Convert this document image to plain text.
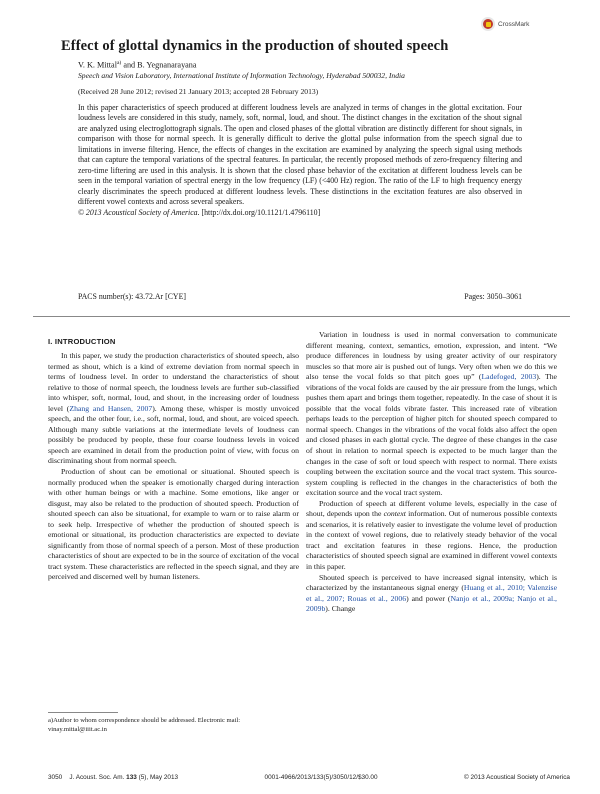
CrossMark
Effect of glottal dynamics in the production of shouted speech
V. K. Mittal$^{a)}$ and B. Yegnanarayana
Speech and Vision Laboratory, International Institute of Information Technology, Hyderabad 500032, India
(Received 28 June 2012; revised 21 January 2013; accepted 28 February 2013)

In this paper characteristics of speech produced at different loudness levels are analyzed in terms of changes in the glottal excitation. Four loudness levels are considered in this study, namely, soft, normal, loud, and shout. The distinct changes in the excitation of the shout signal are analyzed using electroglottograph signals. The open and closed phases of the glottal vibration are distinctly different for shout signals, in comparison with those for normal speech. It is generally difficult to derive the glottal pulse information from the speech signal due to limitations in inverse filtering. Hence, the effects of changes in the excitation are examined by analyzing the speech signal using methods that can capture the temporal variations of the spectral features. In particular, the recently proposed methods of zero-frequency filtering and zero-time liftering are used in this analysis. It is shown that the closed phase behavior of the excitation at different loudness levels can be seen in the temporal variation of spectral energy in the low frequency (LF) (<400 Hz) region. The ratio of the LF to high frequency energy clearly discriminates the speech produced at different loudness levels. These distinctions in the excitation features are also observed in different vowel contexts and across several speakers.
© 2013 Acoustical Society of America. [http://dx.doi.org/10.1121/1.4796110]

PACS number(s): 43.72.Ar [CYE]	Pages: 3050–3061
I. INTRODUCTION

In this paper, we study the production characteristics of shouted speech, also termed as shout, which is a kind of extreme deviation from normal speech in terms of loudness level. In order to understand the characteristics of shout relative to those of normal speech, the loudness levels are further sub-classified into whisper, soft, normal, loud, and shout, in the increasing order of loudness level (Zhang and Hansen, 2007). Among these, whisper is mostly unvoiced speech, and the other four, i.e., soft, normal, loud, and shout, are voiced speech. Although many subtle variations at the intermediate levels of loudness can possibly be produced by people, these four coarse loudness levels in voiced speech are examined in detail from the production point of view, with focus on discriminating shout from normal speech.

Production of shout can be emotional or situational. Shouted speech is normally produced when the speaker is emotionally charged during interaction with other human beings or with a machine. Some emotions, like anger or disgust, may also be related to the production of shouted speech. Production of shouted speech can also be situational, for example to warn or to raise alarm or to seek help. Irrespective of whether the production of shouted speech is emotional or situational, its production characteristics are expected to deviate significantly from those of normal speech of a person. Most of these production characteristics of shout are expected to be in the source of excitation of the vocal tract system. These characteristics are reflected in the speech signal, and they are perceived and discerned well by human listeners.

a)Author to whom correspondence should be addressed. Electronic mail: vinay.mittal@iiit.ac.in

Variation in loudness is used in normal conversation to communicate different meaning, context, semantics, emotion, expression, and intent. “We produce differences in loudness by using greater activity of our respiratory muscles so that more air is pushed out of lungs. Very often when we do this we also tense the vocal folds so that pitch goes up” (Ladefoged, 2003). The vibrations of the vocal folds are caused by the air pressure from the lungs, which pushes them apart and brings them together, repeatedly. In the case of shout it is possible that the vocal folds vibrate faster. This increased rate of vibration perhaps leads to the perception of higher pitch for shouted speech compared to normal speech. Changes in the vibrations of the vocal folds also affect the open and closed phases in each glottal cycle. The degree of these changes in the case of shout in relation to normal speech is expected to be much larger than the changes in the case of soft or loud speech with respect to normal. There exists coupling between the excitation source and the vocal tract system. This source-system coupling is reflected in the changes in the characteristics of both the excitation source and the vocal tract system.

Production of speech at different volume levels, especially in the case of shout, depends upon the context information. Out of numerous possible contexts and scenarios, it is relatively easier to investigate the volume level of production in the context of vowel regions, due to relatively steady behavior of the vocal tract and excitation features in these regions. Hence, the production characteristics of shouted speech signal are examined in different vowel contexts in this paper.

Shouted speech is perceived to have increased signal intensity, which is characterized by the instantaneous signal energy (Huang et al., 2010; Valenzise et al., 2007; Rouas et al., 2006) and power (Nanjo et al., 2009a; Nanjo et al., 2009b). Change

3050 J. Acoust. Soc. Am. 133 (5), May 2013	0001-4966/2013/133(5)/3050/12/$30.00	© 2013 Acoustical Society of America
